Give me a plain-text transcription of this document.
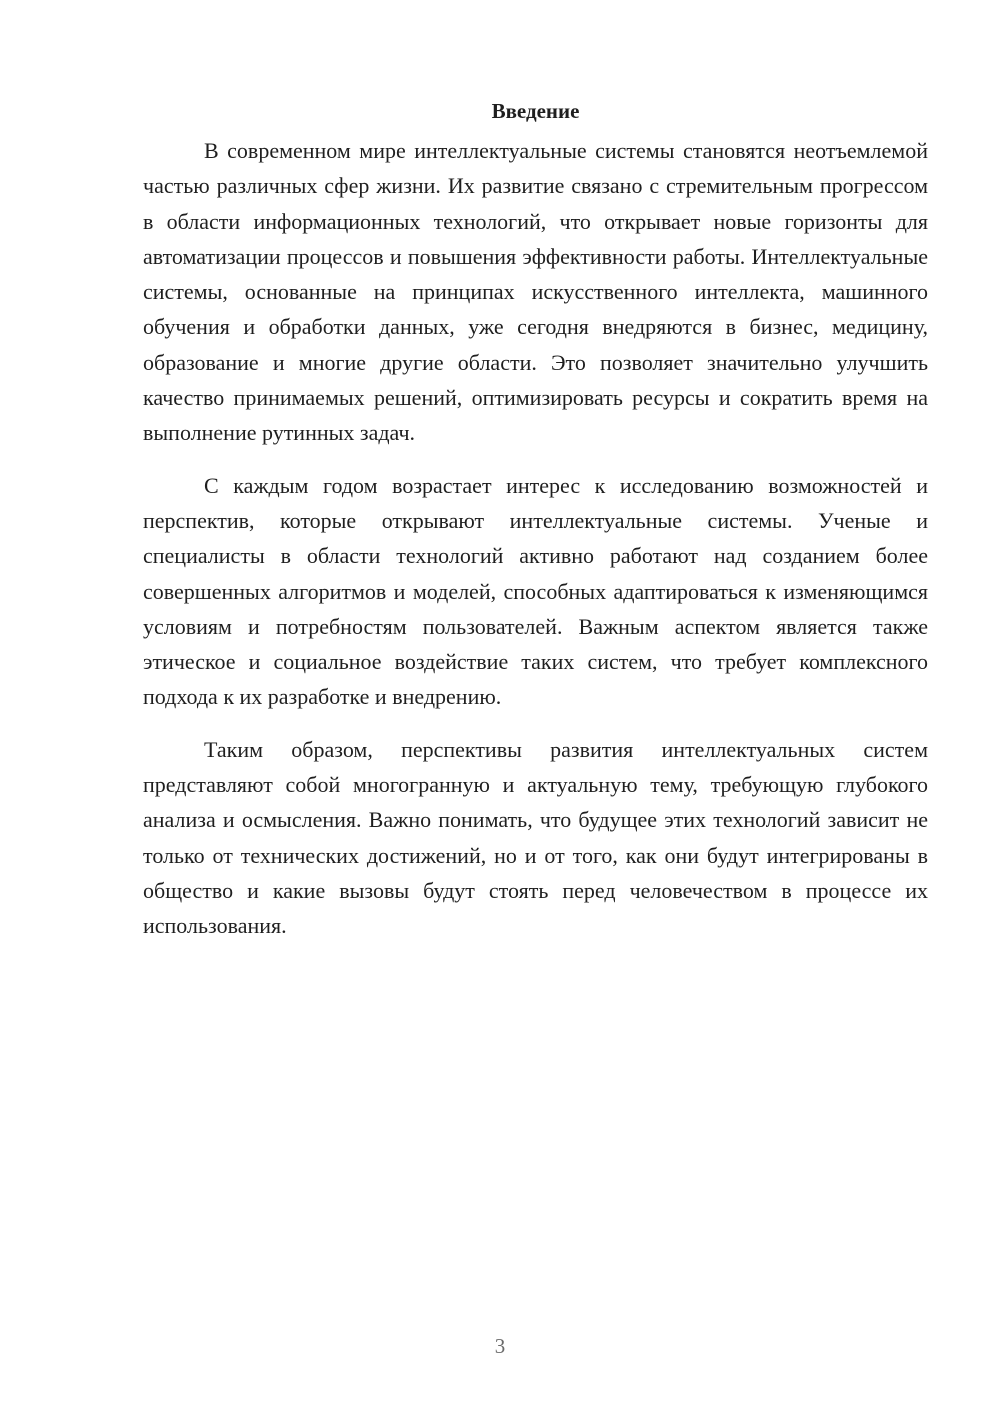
Введение

В современном мире интеллектуальные системы становятся неотъемлемой частью различных сфер жизни. Их развитие связано с стремительным прогрессом в области информационных технологий, что открывает новые горизонты для автоматизации процессов и повышения эффективности работы. Интеллектуальные системы, основанные на принципах искусственного интеллекта, машинного обучения и обработки данных, уже сегодня внедряются в бизнес, медицину, образование и многие другие области. Это позволяет значительно улучшить качество принимаемых решений, оптимизировать ресурсы и сократить время на выполнение рутинных задач.

С каждым годом возрастает интерес к исследованию возможностей и перспектив, которые открывают интеллектуальные системы. Ученые и специалисты в области технологий активно работают над созданием более совершенных алгоритмов и моделей, способных адаптироваться к изменяющимся условиям и потребностям пользователей. Важным аспектом является также этическое и социальное воздействие таких систем, что требует комплексного подхода к их разработке и внедрению.

Таким образом, перспективы развития интеллектуальных систем представляют собой многогранную и актуальную тему, требующую глубокого анализа и осмысления. Важно понимать, что будущее этих технологий зависит не только от технических достижений, но и от того, как они будут интегрированы в общество и какие вызовы будут стоять перед человечеством в процессе их использования.

3
